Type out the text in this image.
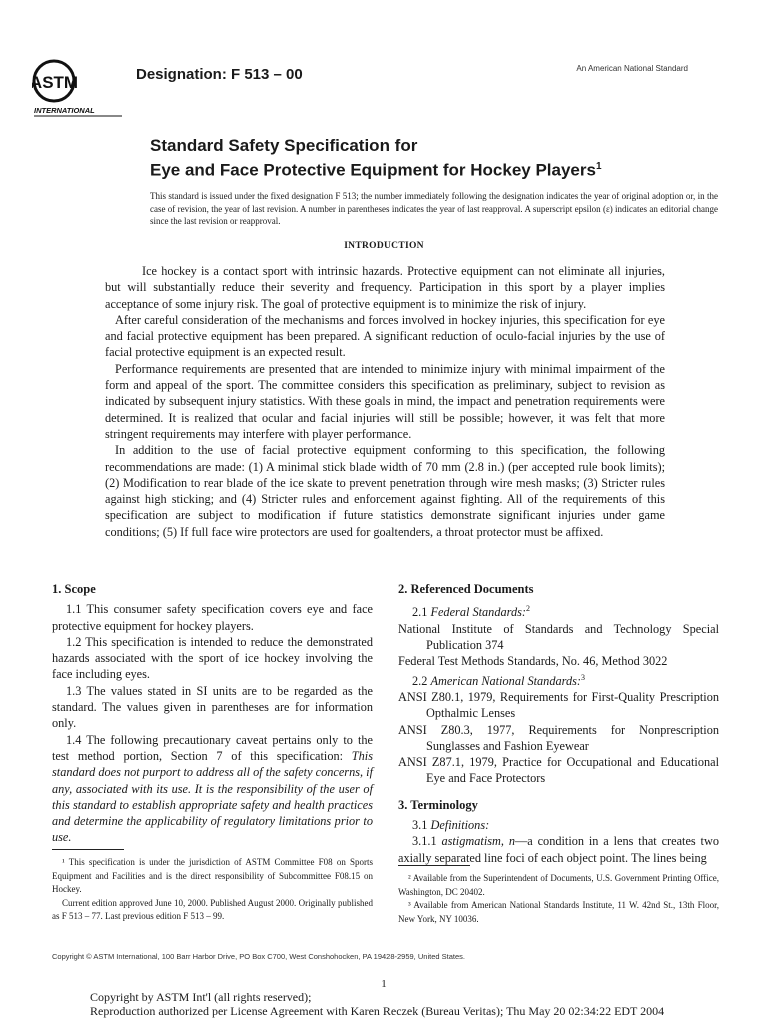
ASTM
INTERNATIONAL
Designation: F 513 – 00	An American National Standard
Standard Safety Specification for
Eye and Face Protective Equipment for Hockey Players$^1$
This standard is issued under the fixed designation F 513; the number immediately following the designation indicates the year of original adoption or, in the case of revision, the year of last revision. A number in parentheses indicates the year of last reapproval. A superscript epsilon (ε) indicates an editorial change since the last revision or reapproval.
INTRODUCTION

Ice hockey is a contact sport with intrinsic hazards. Protective equipment can not eliminate all injuries, but will substantially reduce their severity and frequency. Participation in this sport by a player implies acceptance of some injury risk. The goal of protective equipment is to minimize the risk of injury.

After careful consideration of the mechanisms and forces involved in hockey injuries, this specification for eye and facial protective equipment has been prepared. A significant reduction of oculo-facial injuries by the use of facial protective equipment is an expected result.

Performance requirements are presented that are intended to minimize injury with minimal impairment of the form and appeal of the sport. The committee considers this specification as preliminary, subject to revision as indicated by subsequent injury statistics. With these goals in mind, the impact and penetration requirements were determined. It is realized that ocular and facial injuries will still be possible; however, it was felt that more stringent requirements may interfere with player performance.

In addition to the use of facial protective equipment conforming to this specification, the following recommendations are made: (1) A minimal stick blade width of 70 mm (2.8 in.) (per accepted rule book limits); (2) Modification to rear blade of the ice skate to prevent penetration through wire mesh masks; (3) Stricter rules against high sticking; and (4) Stricter rules and enforcement against fighting. All of the requirements of this specification are subject to modification if future statistics demonstrate significant injuries under game conditions; (5) If full face wire protectors are used for goaltenders, a throat protector must be affixed.

1. Scope

1.1 This consumer safety specification covers eye and face protective equipment for hockey players.

1.2 This specification is intended to reduce the demonstrated hazards associated with the sport of ice hockey involving the face including eyes.

1.3 The values stated in SI units are to be regarded as the standard. The values given in parentheses are for information only.

1.4 The following precautionary caveat pertains only to the test method portion, Section 7 of this specification: This standard does not purport to address all of the safety concerns, if any, associated with its use. It is the responsibility of the user of this standard to establish appropriate safety and health practices and determine the applicability of regulatory limitations prior to use.

2. Referenced Documents

2.1 Federal Standards:$^2$

National Institute of Standards and Technology Special Publication 374

Federal Test Methods Standards, No. 46, Method 3022

2.2 American National Standards:$^3$

ANSI Z80.1, 1979, Requirements for First-Quality Prescription Opthalmic Lenses

ANSI Z80.3, 1977, Requirements for Nonprescription Sunglasses and Fashion Eyewear

ANSI Z87.1, 1979, Practice for Occupational and Educational Eye and Face Protectors

3. Terminology

3.1 Definitions:

3.1.1 astigmatism, n—a condition in a lens that creates two axially separated line foci of each object point. The lines being

¹ This specification is under the jurisdiction of ASTM Committee F08 on Sports Equipment and Facilities and is the direct responsibility of Subcommittee F08.15 on Hockey.

Current edition approved June 10, 2000. Published August 2000. Originally published as F 513 – 77. Last previous edition F 513 – 99.

² Available from the Superintendent of Documents, U.S. Government Printing Office, Washington, DC 20402.

³ Available from American National Standards Institute, 11 W. 42nd St., 13th Floor, New York, NY 10036.

Copyright © ASTM International, 100 Barr Harbor Drive, PO Box C700, West Conshohocken, PA 19428-2959, United States.
1
Copyright by ASTM Int'l (all rights reserved);
Reproduction authorized per License Agreement with Karen Reczek (Bureau Veritas); Thu May 20 02:34:22 EDT 2004
